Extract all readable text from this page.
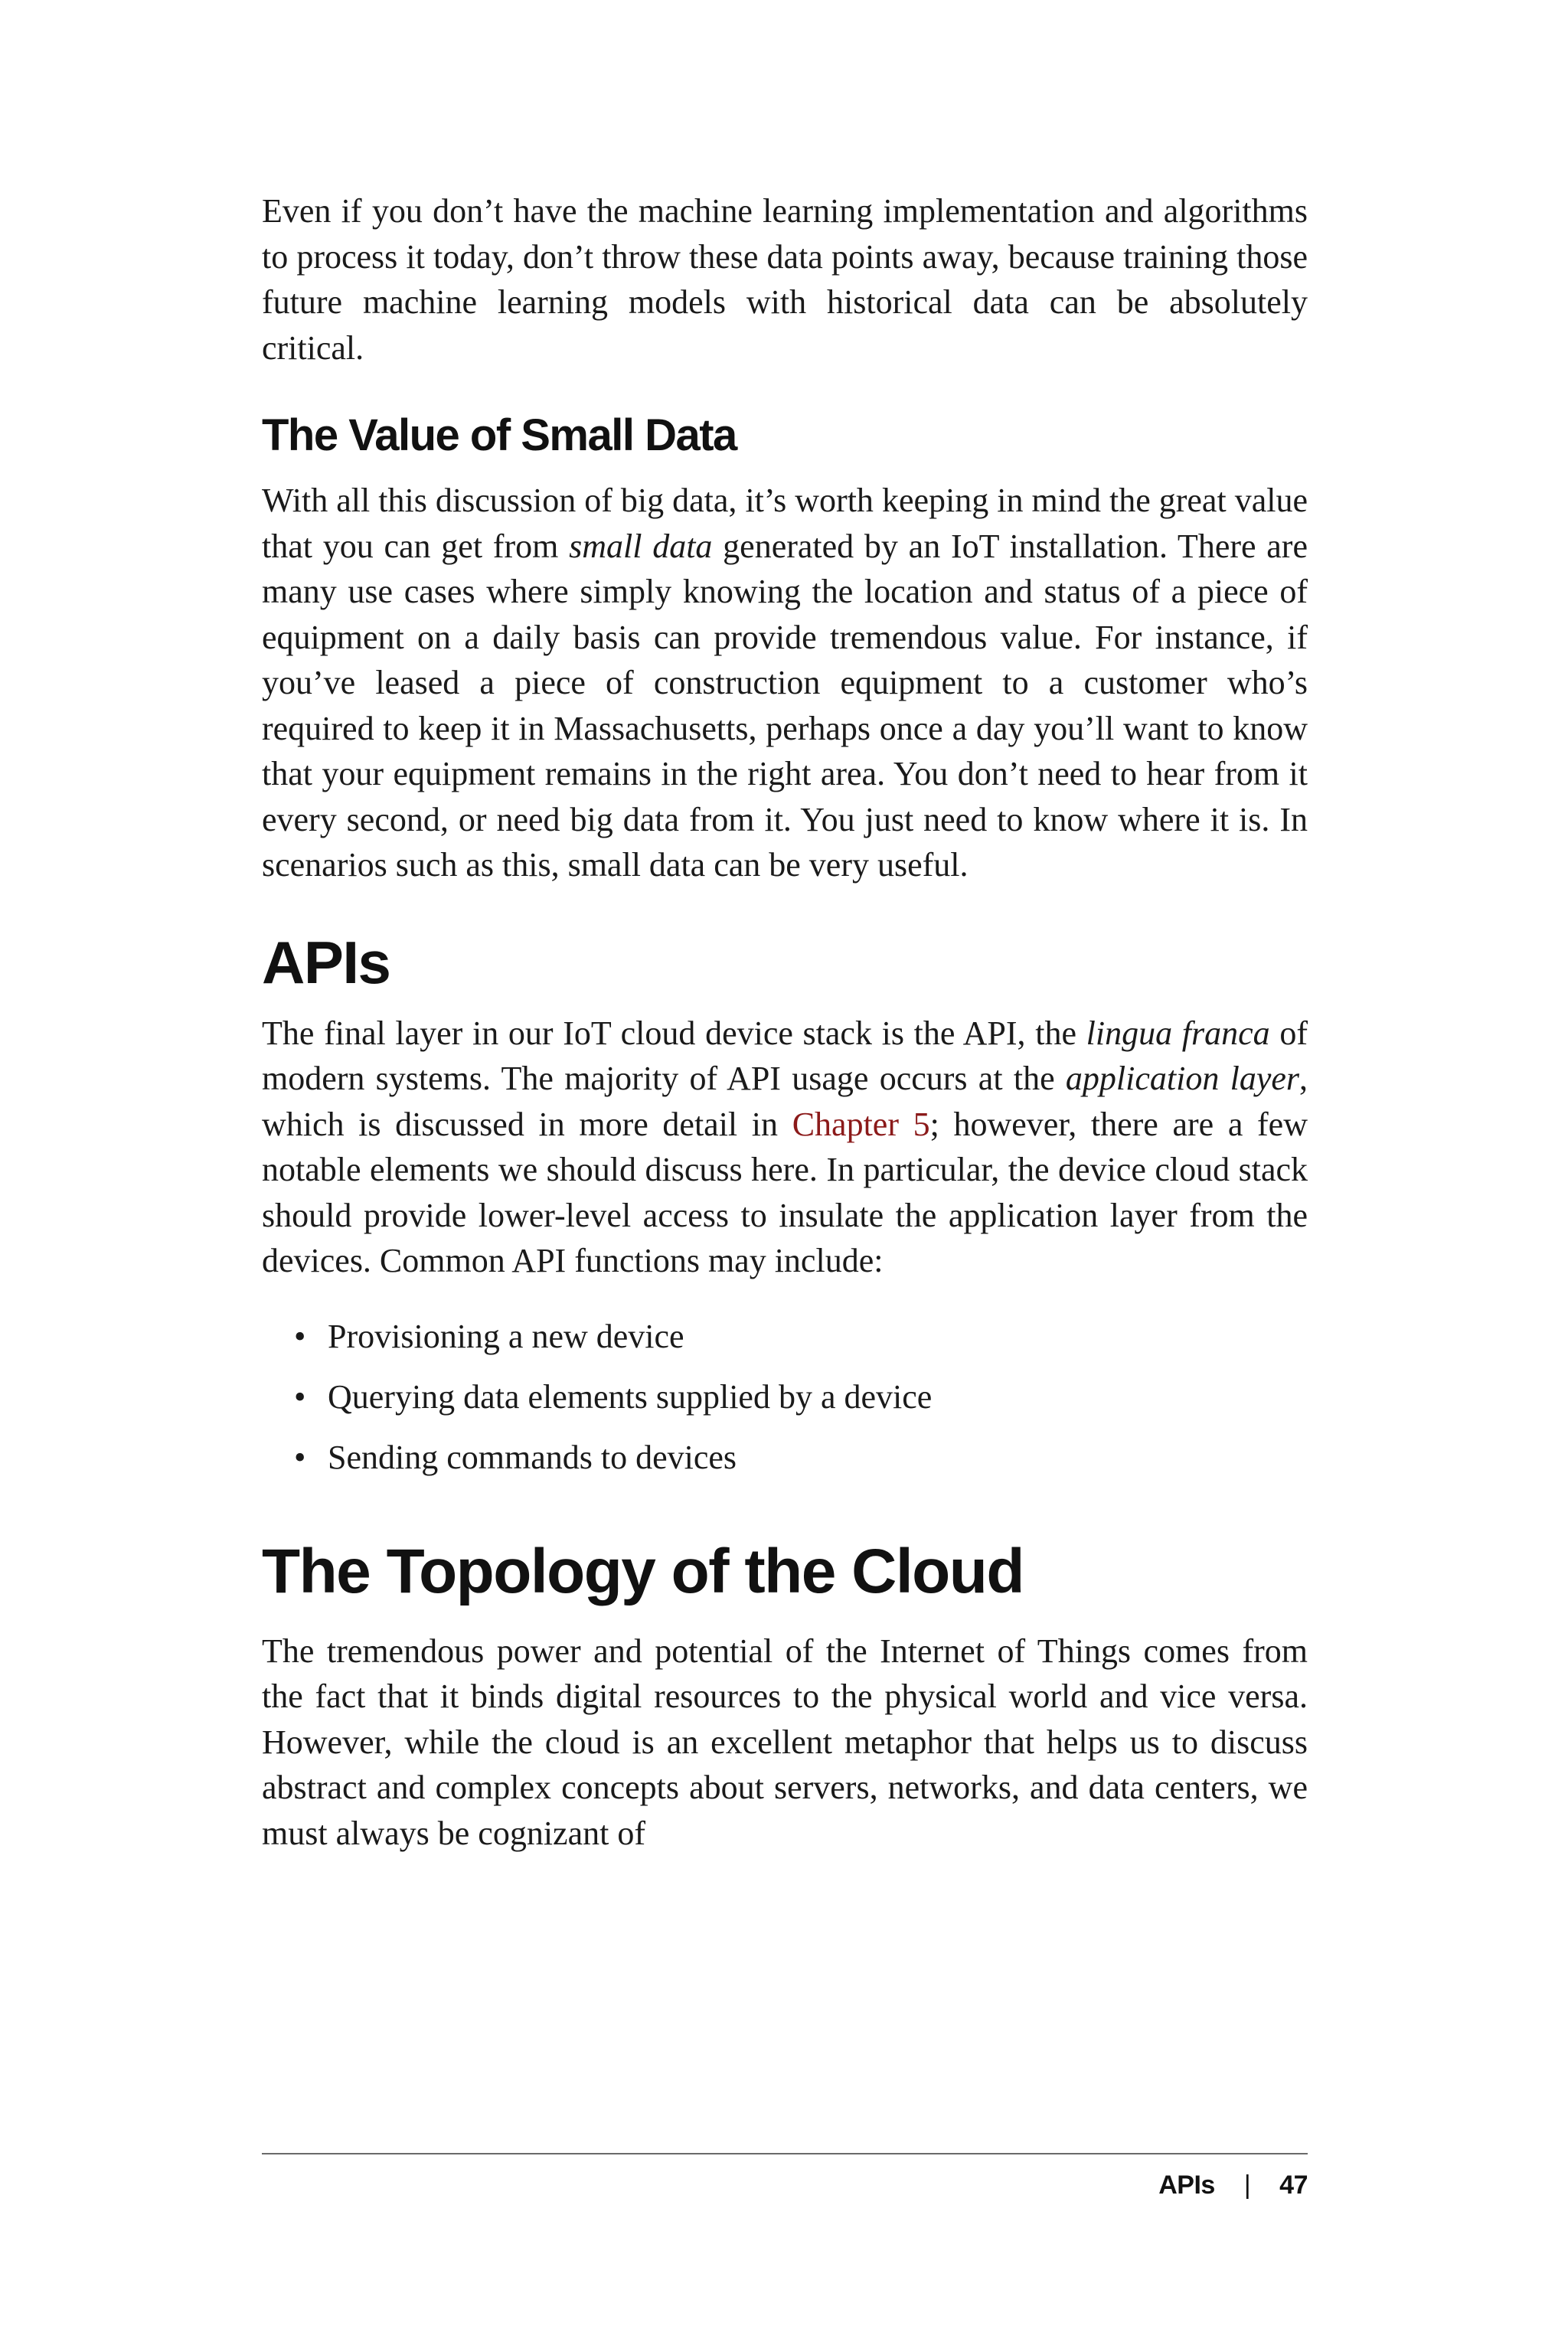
Even if you don’t have the machine learning implementation and algorithms to process it today, don’t throw these data points away, because training those future machine learning models with historical data can be absolutely critical.

The Value of Small Data

With all this discussion of big data, it’s worth keeping in mind the great value that you can get from small data generated by an IoT installation. There are many use cases where simply knowing the location and status of a piece of equipment on a daily basis can provide tremendous value. For instance, if you’ve leased a piece of construction equipment to a customer who’s required to keep it in Massachusetts, perhaps once a day you’ll want to know that your equipment remains in the right area. You don’t need to hear from it every second, or need big data from it. You just need to know where it is. In scenarios such as this, small data can be very useful.

APIs

The final layer in our IoT cloud device stack is the API, the lingua franca of modern systems. The majority of API usage occurs at the application layer, which is discussed in more detail in Chapter 5; however, there are a few notable elements we should discuss here. In particular, the device cloud stack should provide lower-level access to insulate the application layer from the devices. Common API functions may include:

• Provisioning a new device
• Querying data elements supplied by a device
• Sending commands to devices
The Topology of the Cloud

The tremendous power and potential of the Internet of Things comes from the fact that it binds digital resources to the physical world and vice versa. However, while the cloud is an excellent metaphor that helps us to discuss abstract and complex concepts about servers, networks, and data centers, we must always be cognizant of

APIs | 47
